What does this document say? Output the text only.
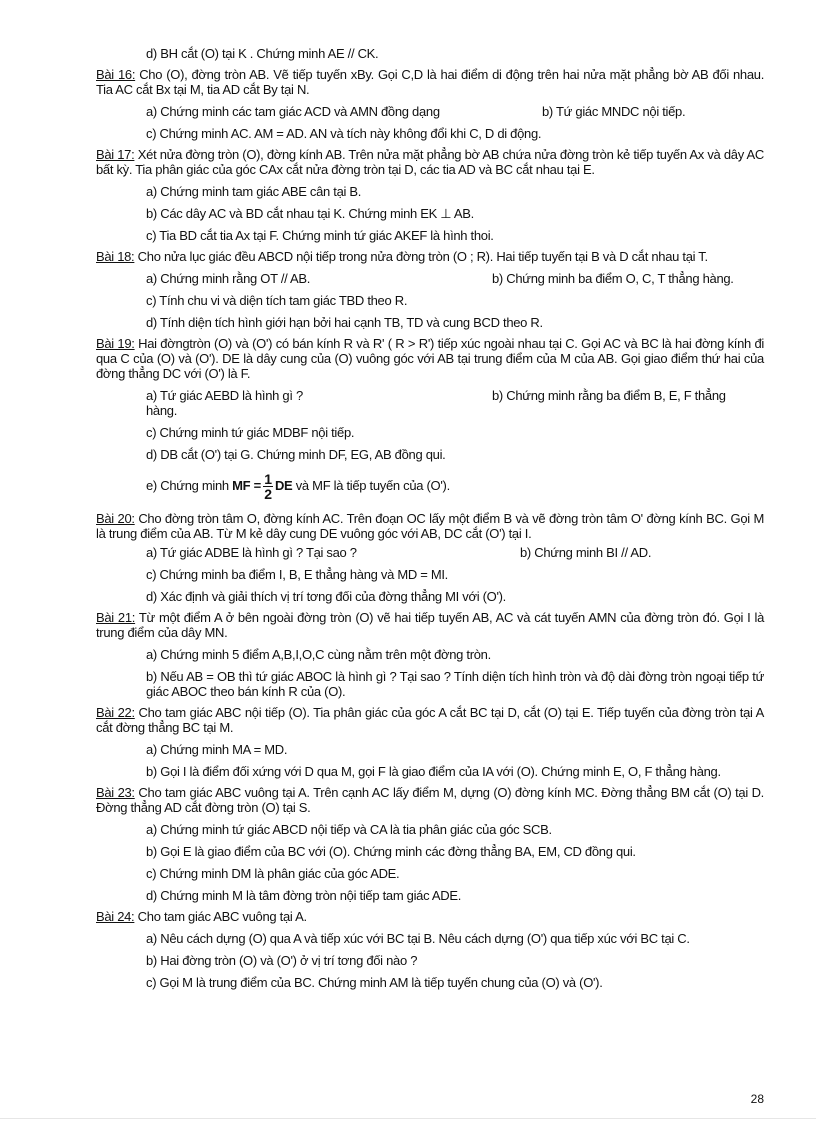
d) BH cắt (O) tại K . Chứng minh AE // CK.

Bài 16: Cho (O), đờng tròn AB. Vẽ tiếp tuyến xBy. Gọi C,D là hai điểm di động trên hai nửa mặt phẳng bờ AB đối nhau. Tia AC cắt Bx tại M, tia AD cắt By tại N.
a) Chứng minh các tam giác ACD và AMN đồng dạng	b) Tứ giác MNDC nội tiếp.

c) Chứng minh AC. AM = AD. AN và tích này không đổi khi C, D di động.

Bài 17: Xét nửa đờng tròn (O), đờng kính AB. Trên nửa mặt phẳng bờ AB chứa nửa đờng tròn kẻ tiếp tuyến Ax và dây AC bất kỳ. Tia phân giác của góc CAx cắt nửa đờng tròn tại D, các tia AD và BC cắt nhau tại E.

a) Chứng minh tam giác ABE cân tại B.

b) Các dây AC và BD cắt nhau tại K. Chứng minh EK ⊥ AB.

c) Tia BD cắt tia Ax tại F. Chứng minh tứ giác AKEF là hình thoi.

Bài 18: Cho nửa lục giác đều ABCD nội tiếp trong nửa đờng tròn (O ; R). Hai tiếp tuyến tại B và D cắt nhau tại T.
a) Chứng minh rằng OT // AB.	b) Chứng minh ba điểm O, C, T thẳng hàng.

c) Tính chu vi và diện tích tam giác TBD theo R.

d) Tính diện tích hình giới hạn bởi hai cạnh TB, TD và cung BCD theo R.

Bài 19: Hai đờngtròn (O) và (O') có bán kính R và R' ( R > R') tiếp xúc ngoài nhau tại C. Gọi AC và BC là hai đờng kính đi qua C của (O) và (O'). DE là dây cung của (O) vuông góc với AB tại trung điểm của M của AB. Gọi giao điểm thứ hai của đờng thẳng DC với (O') là F.
a) Tứ giác AEBD là hình gì ?	b) Chứng minh rằng ba điểm B, E, F thẳng

hàng.

c) Chứng minh tứ giác MDBF nội tiếp.

d) DB cắt (O') tại G. Chứng minh DF, EG, AB đồng qui.

e) Chứng minh MF = $\frac{1}{2}$ DE và MF là tiếp tuyến của (O').

Bài 20: Cho đờng tròn tâm O, đờng kính AC. Trên đoạn OC lấy một điểm B và vẽ đờng tròn tâm O' đờng kính BC. Gọi M là trung điểm của AB. Từ M kẻ dây cung DE vuông góc với AB, DC cắt (O') tại I.
a) Tứ giác ADBE là hình gì ? Tại sao ?	b) Chứng minh BI // AD.

c) Chứng minh ba điểm I, B, E thẳng hàng và MD = MI.

d) Xác định và giải thích vị trí tơng đối của đờng thẳng MI với (O').

Bài 21: Từ một điểm A ở bên ngoài đờng tròn (O) vẽ hai tiếp tuyến AB, AC và cát tuyến AMN của đờng tròn đó. Gọi I là trung điểm của dây MN.

a) Chứng minh 5 điểm A,B,I,O,C cùng nằm trên một đờng tròn.

b) Nếu AB = OB thì tứ giác ABOC là hình gì ? Tại sao ? Tính diện tích hình tròn và độ dài đờng tròn ngoại tiếp tứ giác ABOC theo bán kính R của (O).

Bài 22: Cho tam giác ABC nội tiếp (O). Tia phân giác của góc A cắt BC tại D, cắt (O) tại E. Tiếp tuyến của đờng tròn tại A cắt đờng thẳng BC tại M.

a) Chứng minh MA = MD.

b) Gọi I là điểm đối xứng với D qua M, gọi F là giao điểm của IA với (O). Chứng minh E, O, F thẳng hàng.

Bài 23: Cho tam giác ABC vuông tại A. Trên cạnh AC lấy điểm M, dựng (O) đờng kính MC. Đờng thẳng BM cắt (O) tại D. Đờng thẳng AD cắt đờng tròn (O) tại S.

a) Chứng minh tứ giác ABCD nội tiếp và CA là tia phân giác của góc SCB.

b) Gọi E là giao điểm của BC với (O). Chứng minh các đờng thẳng BA, EM, CD đồng qui.

c) Chứng minh DM là phân giác của góc ADE.

d) Chứng minh M là tâm đờng tròn nội tiếp tam giác ADE.

Bài 24: Cho tam giác ABC vuông tại A.

a) Nêu cách dựng (O) qua A và tiếp xúc với BC tại B. Nêu cách dựng (O') qua tiếp xúc với BC tại C.

b) Hai đờng tròn (O) và (O') ở vị trí tơng đối nào ?

c) Gọi M là trung điểm của BC. Chứng minh AM là tiếp tuyến chung của (O) và (O').

28
